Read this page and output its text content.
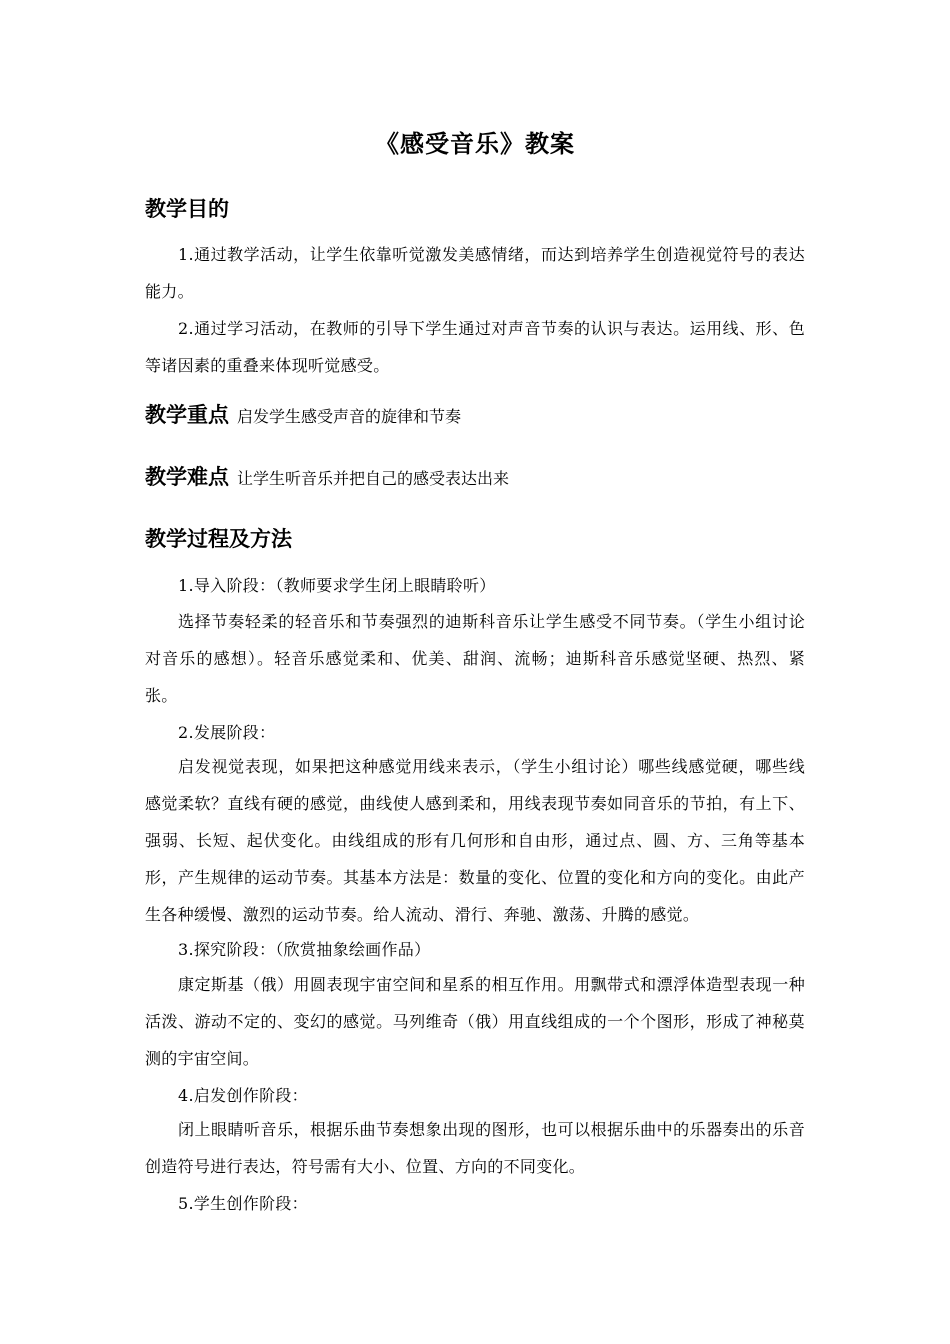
《感受音乐》教案
教学目的
1.通过教学活动，让学生依靠听觉激发美感情绪，而达到培养学生创造视觉符号的表达能力。
2.通过学习活动，在教师的引导下学生通过对声音节奏的认识与表达。运用线、形、色等诸因素的重叠来体现听觉感受。
教学重点 启发学生感受声音的旋律和节奏
教学难点 让学生听音乐并把自己的感受表达出来
教学过程及方法
1.导入阶段：（教师要求学生闭上眼睛聆听）
选择节奏轻柔的轻音乐和节奏强烈的迪斯科音乐让学生感受不同节奏。（学生小组讨论对音乐的感想）。轻音乐感觉柔和、优美、甜润、流畅；迪斯科音乐感觉坚硬、热烈、紧张。
2.发展阶段：
启发视觉表现，如果把这种感觉用线来表示，（学生小组讨论）哪些线感觉硬，哪些线感觉柔软？直线有硬的感觉，曲线使人感到柔和，用线表现节奏如同音乐的节拍，有上下、强弱、长短、起伏变化。由线组成的形有几何形和自由形，通过点、圆、方、三角等基本形，产生规律的运动节奏。其基本方法是：数量的变化、位置的变化和方向的变化。由此产生各种缓慢、激烈的运动节奏。给人流动、滑行、奔驰、激荡、升腾的感觉。
3.探究阶段：（欣赏抽象绘画作品）
康定斯基（俄）用圆表现宇宙空间和星系的相互作用。用飘带式和漂浮体造型表现一种活泼、游动不定的、变幻的感觉。马列维奇（俄）用直线组成的一个个图形，形成了神秘莫测的宇宙空间。
4.启发创作阶段：
闭上眼睛听音乐，根据乐曲节奏想象出现的图形，也可以根据乐曲中的乐器奏出的乐音创造符号进行表达，符号需有大小、位置、方向的不同变化。
5.学生创作阶段：
